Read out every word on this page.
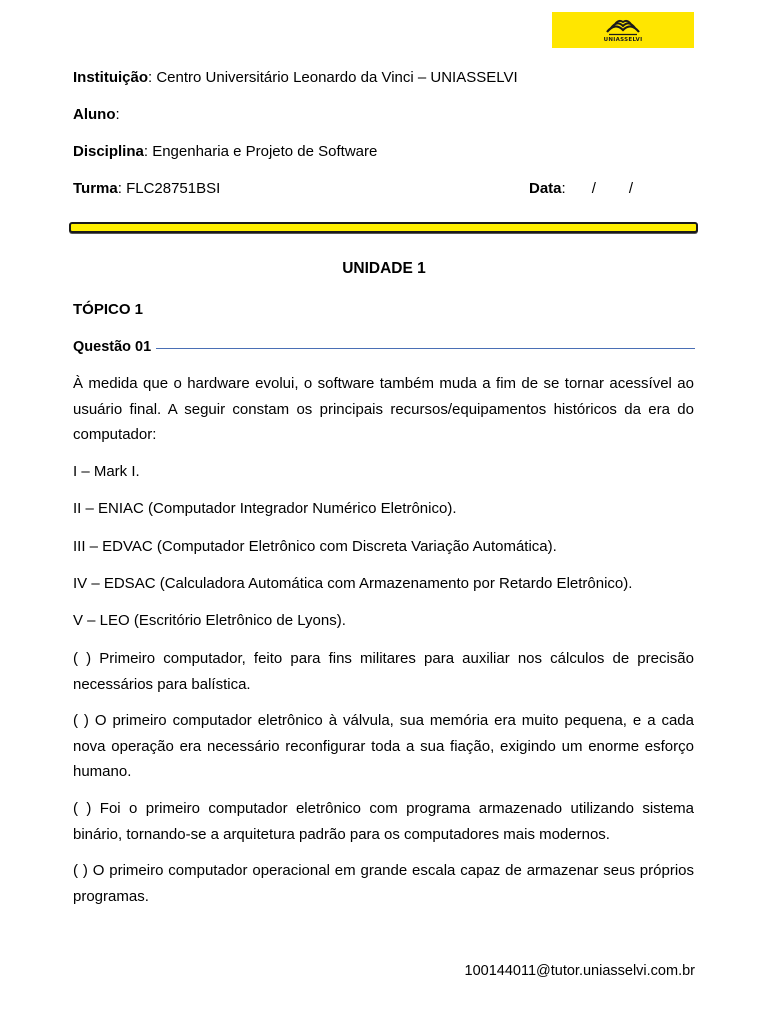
UNIASSELVI
Instituição: Centro Universitário Leonardo da Vinci – UNIASSELVI
Aluno:
Disciplina: Engenharia e Projeto de Software
Turma: FLC28751BSI	Data: / /
UNIDADE 1
TÓPICO 1
Questão 01

À medida que o hardware evolui, o software também muda a fim de se tornar acessível ao usuário final. A seguir constam os principais recursos/equipamentos históricos da era do computador:

I – Mark I.

II – ENIAC (Computador Integrador Numérico Eletrônico).

III – EDVAC (Computador Eletrônico com Discreta Variação Automática).

IV – EDSAC (Calculadora Automática com Armazenamento por Retardo Eletrônico).

V – LEO (Escritório Eletrônico de Lyons).

( ) Primeiro computador, feito para fins militares para auxiliar nos cálculos de precisão necessários para balística.

( ) O primeiro computador eletrônico à válvula, sua memória era muito pequena, e a cada nova operação era necessário reconfigurar toda a sua fiação, exigindo um enorme esforço humano.

( ) Foi o primeiro computador eletrônico com programa armazenado utilizando sistema binário, tornando-se a arquitetura padrão para os computadores mais modernos.

( ) O primeiro computador operacional em grande escala capaz de armazenar seus próprios programas.

100144011@tutor.uniasselvi.com.br
